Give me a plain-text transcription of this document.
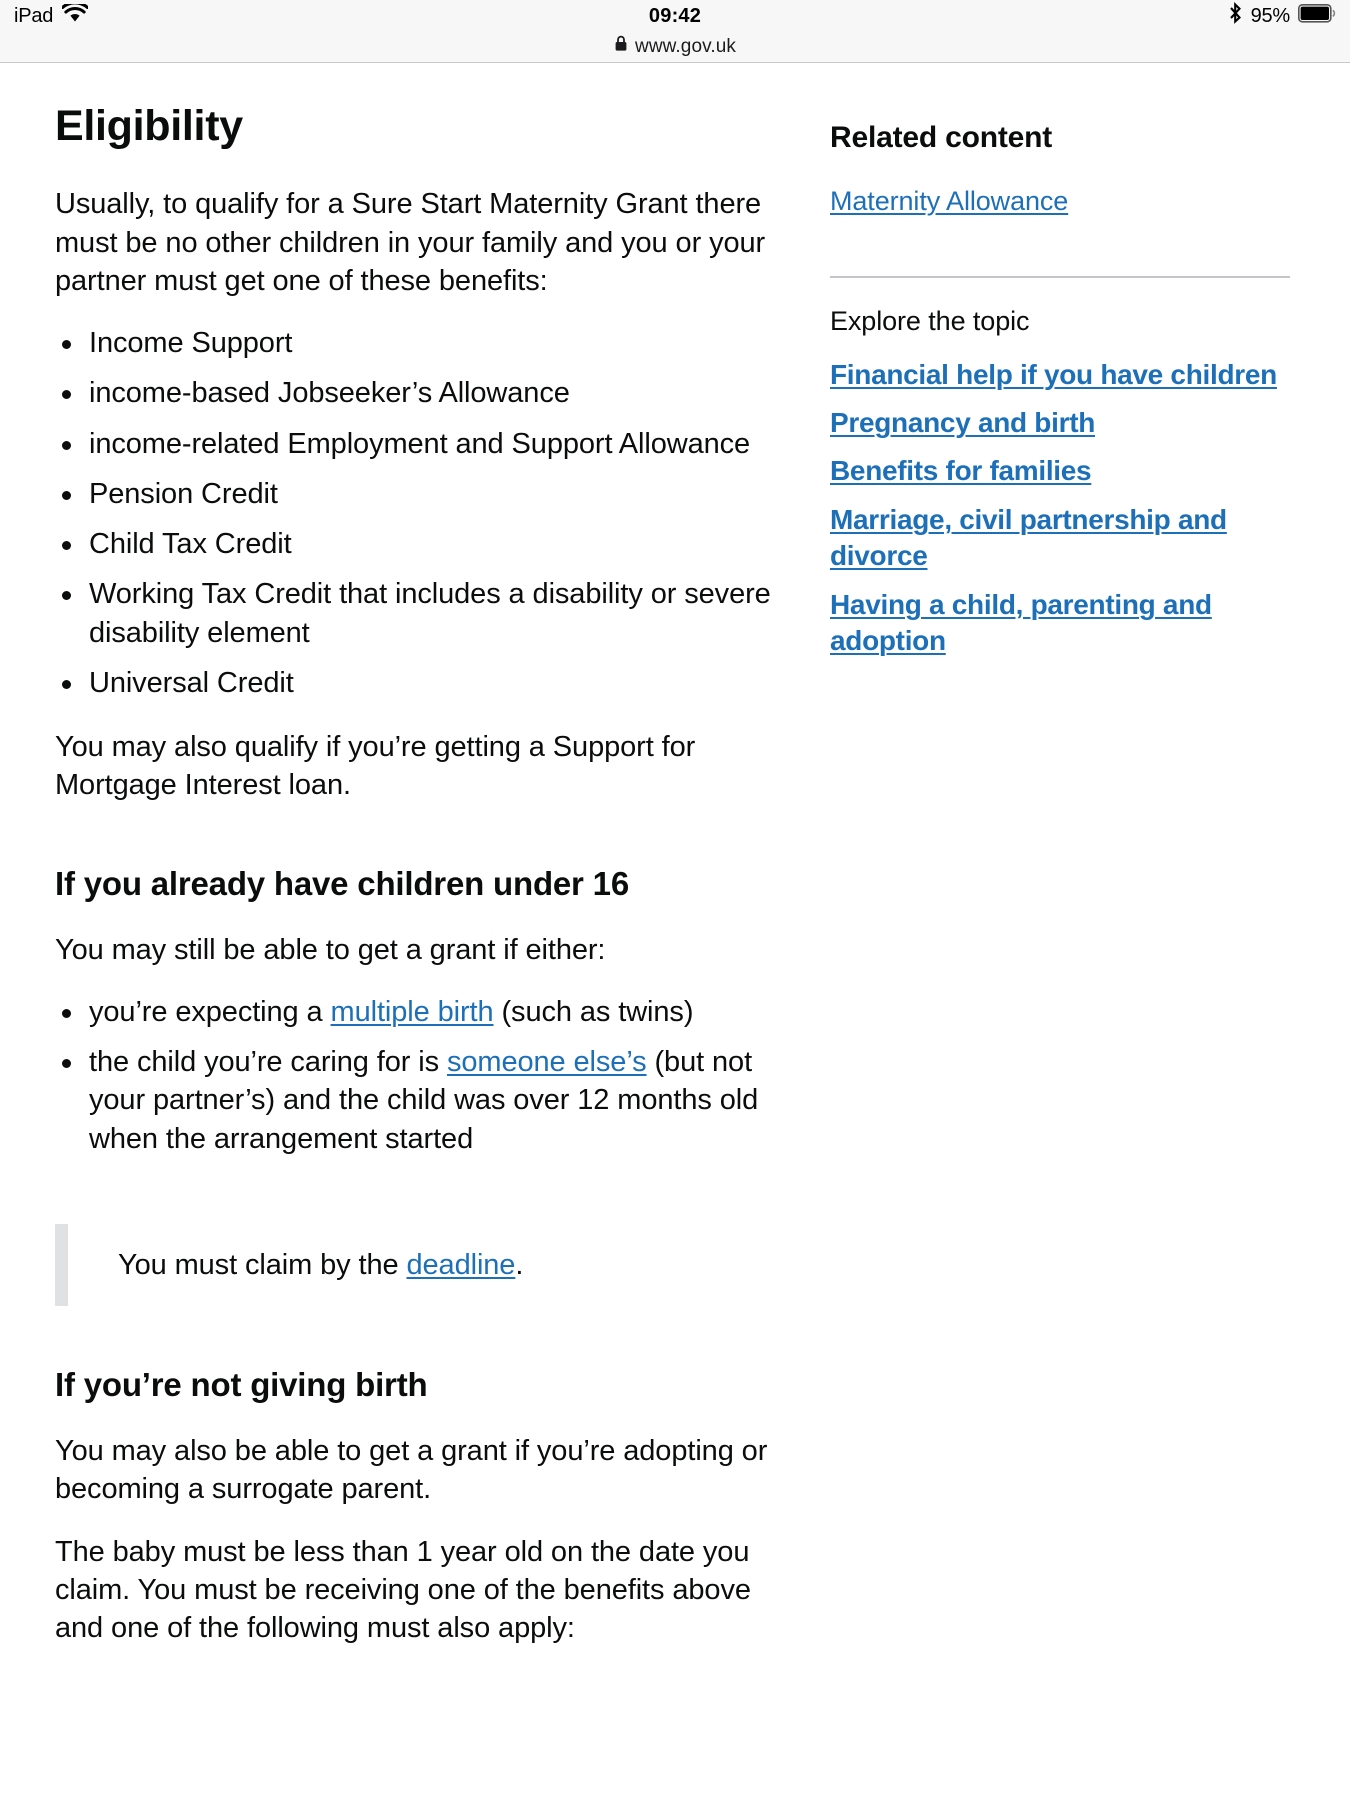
iPad	09:42	95%
www.gov.uk
Eligibility

Usually, to qualify for a Sure Start Maternity Grant there must be no other children in your family and you or your partner must get one of these benefits:

Income Support
income-based Jobseeker’s Allowance
income-related Employment and Support Allowance
Pension Credit
Child Tax Credit
Working Tax Credit that includes a disability or severe disability element
Universal Credit

You may also qualify if you’re getting a Support for Mortgage Interest loan.

If you already have children under 16

You may still be able to get a grant if either:

you’re expecting a multiple birth (such as twins)
the child you’re caring for is someone else’s (but not your partner’s) and the child was over 12 months old when the arrangement started

You must claim by the deadline.

If you’re not giving birth

You may also be able to get a grant if you’re adopting or becoming a surrogate parent.

The baby must be less than 1 year old on the date you claim. You must be receiving one of the benefits above and one of the following must also apply:

Related content
Maternity Allowance

Explore the topic

Financial help if you have children
Pregnancy and birth
Benefits for families
Marriage, civil partnership and divorce
Having a child, parenting and adoption
